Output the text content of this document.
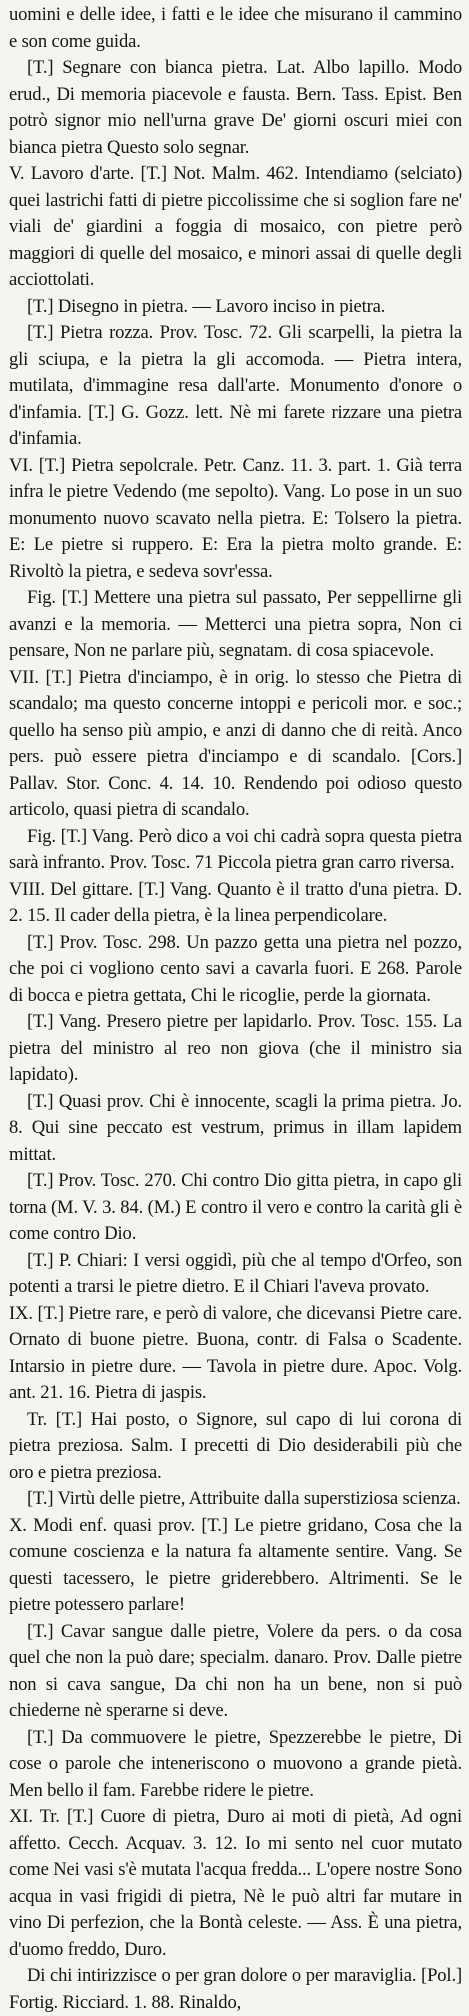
uomini e delle idee, i fatti e le idee che misurano il cammino e son come guida.

[T.] Segnare con bianca pietra. Lat. Albo lapillo. Modo erud., Di memoria piacevole e fausta. Bern. Tass. Epist. Ben potrò signor mio nell'urna grave De' giorni oscuri miei con bianca pietra Questo solo segnar.

V. Lavoro d'arte. [T.] Not. Malm. 462. Intendiamo (selciato) quei lastrichi fatti di pietre piccolissime che si soglion fare ne' viali de' giardini a foggia di mosaico, con pietre però maggiori di quelle del mosaico, e minori assai di quelle degli acciottolati.

[T.] Disegno in pietra. — Lavoro inciso in pietra.

[T.] Pietra rozza. Prov. Tosc. 72. Gli scarpelli, la pietra la gli sciupa, e la pietra la gli accomoda. — Pietra intera, mutilata, d'immagine resa dall'arte. Monumento d'onore o d'infamia. [T.] G. Gozz. lett. Nè mi farete rizzare una pietra d'infamia.

VI. [T.] Pietra sepolcrale. Petr. Canz. 11. 3. part. 1. Già terra infra le pietre Vedendo (me sepolto). Vang. Lo pose in un suo monumento nuovo scavato nella pietra. E: Tolsero la pietra. E: Le pietre si ruppero. E: Era la pietra molto grande. E: Rivoltò la pietra, e sedeva sovr'essa.

Fig. [T.] Mettere una pietra sul passato, Per seppellirne gli avanzi e la memoria. — Metterci una pietra sopra, Non ci pensare, Non ne parlare più, segnatam. di cosa spiacevole.

VII. [T.] Pietra d'inciampo, è in orig. lo stesso che Pietra di scandalo; ma questo concerne intoppi e pericoli mor. e soc.; quello ha senso più ampio, e anzi di danno che di reità. Anco pers. può essere pietra d'inciampo e di scandalo. [Cors.] Pallav. Stor. Conc. 4. 14. 10. Rendendo poi odioso questo articolo, quasi pietra di scandalo.

Fig. [T.] Vang. Però dico a voi chi cadrà sopra questa pietra sarà infranto. Prov. Tosc. 71 Piccola pietra gran carro riversa.

VIII. Del gittare. [T.] Vang. Quanto è il tratto d'una pietra. D. 2. 15. Il cader della pietra, è la linea perpendicolare.

[T.] Prov. Tosc. 298. Un pazzo getta una pietra nel pozzo, che poi ci vogliono cento savi a cavarla fuori. E 268. Parole di bocca e pietra gettata, Chi le ricoglie, perde la giornata.

[T.] Vang. Presero pietre per lapidarlo. Prov. Tosc. 155. La pietra del ministro al reo non giova (che il ministro sia lapidato).

[T.] Quasi prov. Chi è innocente, scagli la prima pietra. Jo. 8. Qui sine peccato est vestrum, primus in illam lapidem mittat.

[T.] Prov. Tosc. 270. Chi contro Dio gitta pietra, in capo gli torna (M. V. 3. 84. (M.) E contro il vero e contro la carità gli è come contro Dio.

[T.] P. Chiari: I versi oggidì, più che al tempo d'Orfeo, son potenti a trarsi le pietre dietro. E il Chiari l'aveva provato.

IX. [T.] Pietre rare, e però di valore, che dicevansi Pietre care. Ornato di buone pietre. Buona, contr. di Falsa o Scadente. Intarsio in pietre dure. — Tavola in pietre dure. Apoc. Volg. ant. 21. 16. Pietra di jaspis.

Tr. [T.] Hai posto, o Signore, sul capo di lui corona di pietra preziosa. Salm. I precetti di Dio desiderabili più che oro e pietra preziosa.

[T.] Virtù delle pietre, Attribuite dalla superstiziosa scienza.

X. Modi enf. quasi prov. [T.] Le pietre gridano, Cosa che la comune coscienza e la natura fa altamente sentire. Vang. Se questi tacessero, le pietre griderebbero. Altrimenti. Se le pietre potessero parlare!

[T.] Cavar sangue dalle pietre, Volere da pers. o da cosa quel che non la può dare; specialm. danaro. Prov. Dalle pietre non si cava sangue, Da chi non ha un bene, non si può chiederne nè sperarne si deve.

[T.] Da commuovere le pietre, Spezzerebbe le pietre, Di cose o parole che inteneriscono o muovono a grande pietà. Men bello il fam. Farebbe ridere le pietre.

XI. Tr. [T.] Cuore di pietra, Duro ai moti di pietà, Ad ogni affetto. Cecch. Acquav. 3. 12. Io mi sento nel cuor mutato come Nei vasi s'è mutata l'acqua fredda... L'opere nostre Sono acqua in vasi frigidi di pietra, Nè le può altri far mutare in vino Di perfezion, che la Bontà celeste. — Ass. È una pietra, d'uomo freddo, Duro.

Di chi intirizzisce o per gran dolore o per maraviglia. [Pol.] Fortig. Ricciard. 1. 88. Rinaldo,
